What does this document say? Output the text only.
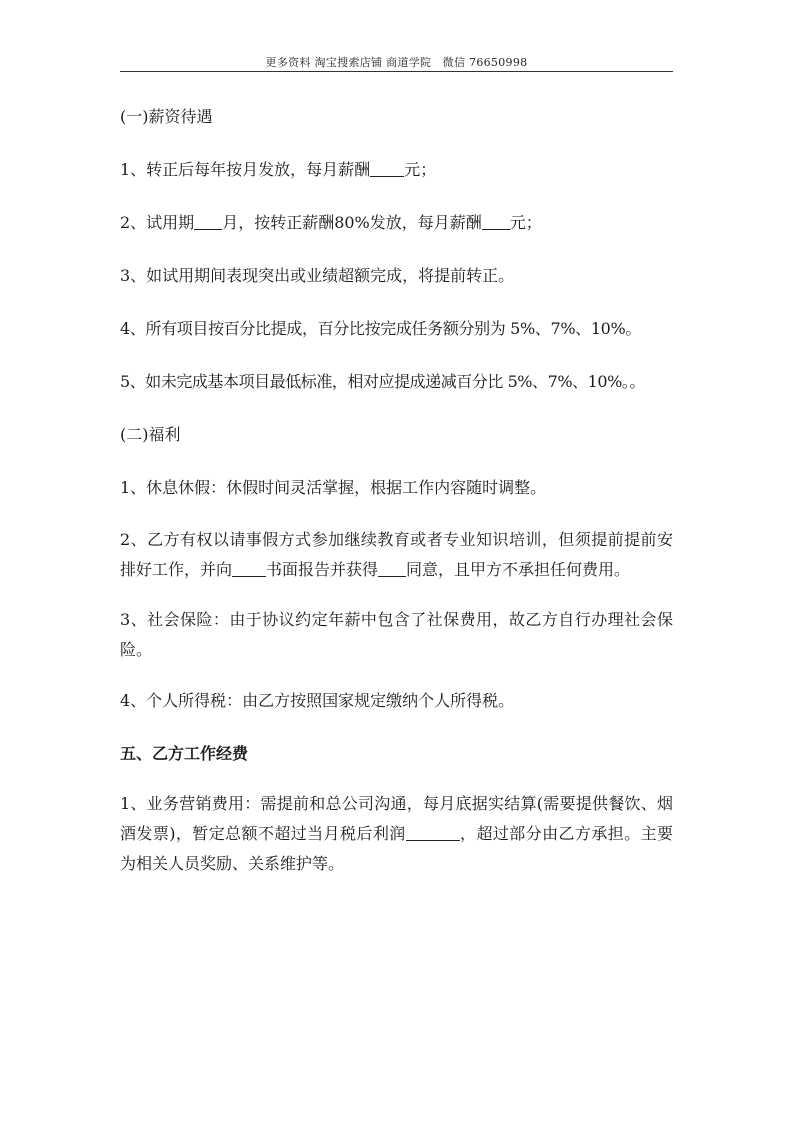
更多资料 淘宝搜索店铺 商道学院　微信 76650998

(一)薪资待遇

1、转正后每年按月发放，每月薪酬 元；

2、试用期 月，按转正薪酬80%发放，每月薪酬 元；

3、如试用期间表现突出或业绩超额完成，将提前转正。

4、所有项目按百分比提成，百分比按完成任务额分别为 5%、7%、10%。

5、如未完成基本项目最低标准，相对应提成递减百分比 5%、7%、10%。。

(二)福利

1、休息休假：休假时间灵活掌握，根据工作内容随时调整。

2、乙方有权以请事假方式参加继续教育或者专业知识培训，但须提前提前安排好工作，并向 书面报告并获得 同意，且甲方不承担任何费用。

3、社会保险：由于协议约定年薪中包含了社保费用，故乙方自行办理社会保险。

4、个人所得税：由乙方按照国家规定缴纳个人所得税。

五、乙方工作经费

1、业务营销费用：需提前和总公司沟通，每月底据实结算(需要提供餐饮、烟酒发票)，暂定总额不超过当月税后利润	，超过部分由乙方承担。主要为相关人员奖励、关系维护等。
